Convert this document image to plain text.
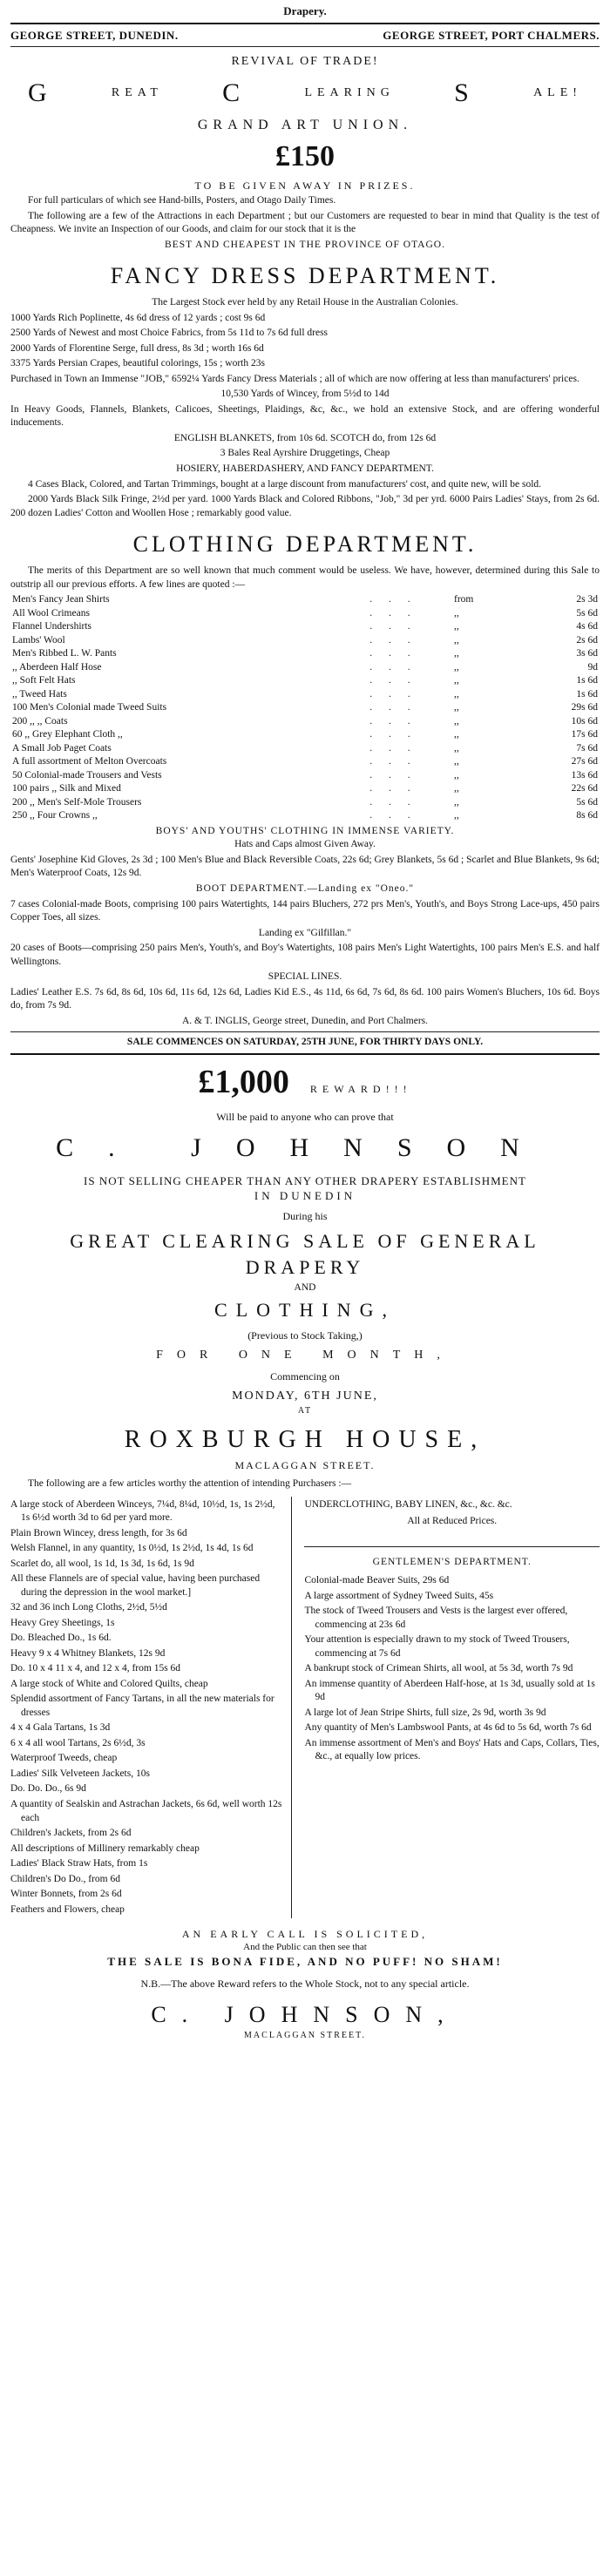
Drapery.
GEORGE STREET, DUNEDIN.	GEORGE STREET, PORT CHALMERS.
REVIVAL OF TRADE!
G	REAT C	LEARING S	ALE!
GRAND ART UNION.
£150
TO BE GIVEN AWAY IN PRIZES.

For full particulars of which see Hand-bills, Posters, and Otago Daily Times.

The following are a few of the Attractions in each Department ; but our Customers are requested to bear in mind that Quality is the test of Cheapness. We invite an Inspection of our Goods, and claim for our stock that it is the

BEST AND CHEAPEST IN THE PROVINCE OF OTAGO.
FANCY DRESS DEPARTMENT.

The Largest Stock ever held by any Retail House in the Australian Colonies.

1000 Yards Rich Poplinette, 4s 6d dress of 12 yards ; cost 9s 6d

2500 Yards of Newest and most Choice Fabrics, from 5s 11d to 7s 6d full dress

2000 Yards of Florentine Serge, full dress, 8s 3d ; worth 16s 6d

3375 Yards Persian Crapes, beautiful colorings, 15s ; worth 23s

Purchased in Town an Immense "JOB," 6592¼ Yards Fancy Dress Materials ; all of which are now offering at less than manufacturers' prices.

10,530 Yards of Wincey, from 5½d to 14d

In Heavy Goods, Flannels, Blankets, Calicoes, Sheetings, Plaidings, &c, &c., we hold an extensive Stock, and are offering wonderful inducements.

ENGLISH BLANKETS, from 10s 6d. SCOTCH do, from 12s 6d

3 Bales Real Ayrshire Druggetings, Cheap

HOSIERY, HABERDASHERY, AND FANCY DEPARTMENT.

4 Cases Black, Colored, and Tartan Trimmings, bought at a large discount from manufacturers' cost, and quite new, will be sold.

2000 Yards Black Silk Fringe, 2½d per yard. 1000 Yards Black and Colored Ribbons, "Job," 3d per yrd. 6000 Pairs Ladies' Stays, from 2s 6d. 200 dozen Ladies' Cotton and Woollen Hose ; remarkably good value.

CLOTHING DEPARTMENT.

The merits of this Department are so well known that much comment would be useless. We have, however, determined during this Sale to outstrip all our previous efforts. A few lines are quoted :—

Men's Fancy Jean Shirts	. . .	from	2s 3d
All Wool Crimeans	. . .	,,	5s 6d
Flannel Undershirts	. . .	,,	4s 6d
Lambs' Wool	. . .	,,	2s 6d
Men's Ribbed L. W. Pants	. . .	,,	3s 6d
,, Aberdeen Half Hose	. . .	,,	9d
,, Soft Felt Hats	. . .	,,	1s 6d
,, Tweed Hats	. . .	,,	1s 6d
100 Men's Colonial made Tweed Suits	. . .	,,	29s 6d
200 ,, ,, Coats	. . .	,,	10s 6d
60 ,, Grey Elephant Cloth ,,	. . .	,,	17s 6d
A Small Job Paget Coats	. . .	,,	7s 6d
A full assortment of Melton Overcoats	. . .	,,	27s 6d
50 Colonial-made Trousers and Vests	. . .	,,	13s 6d
100 pairs ,, Silk and Mixed	. . .	,,	22s 6d
200 ,, Men's Self-Mole Trousers	. . .	,,	5s 6d
250 ,, Four Crowns ,,	. . .	,,	8s 6d
BOYS' AND YOUTHS' CLOTHING IN IMMENSE VARIETY.
Hats and Caps almost Given Away.

Gents' Josephine Kid Gloves, 2s 3d ; 100 Men's Blue and Black Reversible Coats, 22s 6d; Grey Blankets, 5s 6d ; Scarlet and Blue Blankets, 9s 6d; Men's Waterproof Coats, 12s 9d.

BOOT DEPARTMENT.—Landing ex "Oneo."

7 cases Colonial-made Boots, comprising 100 pairs Watertights, 144 pairs Bluchers, 272 prs Men's, Youth's, and Boys Strong Lace-ups, 450 pairs Copper Toes, all sizes.

Landing ex "Gilfillan."

20 cases of Boots—comprising 250 pairs Men's, Youth's, and Boy's Watertights, 108 pairs Men's Light Watertights, 100 pairs Men's E.S. and half Wellingtons.

SPECIAL LINES.

Ladies' Leather E.S. 7s 6d, 8s 6d, 10s 6d, 11s 6d, 12s 6d, Ladies Kid E.S., 4s 11d, 6s 6d, 7s 6d, 8s 6d. 100 pairs Women's Bluchers, 10s 6d. Boys do, from 7s 9d.

A. & T. INGLIS, George street, Dunedin, and Port Chalmers.
SALE COMMENCES ON SATURDAY, 25TH JUNE, FOR THIRTY DAYS ONLY.
£1,000 REWARD!!!
Will be paid to anyone who can prove that
C. JOHNSON
IS NOT SELLING CHEAPER THAN ANY OTHER DRAPERY ESTABLISHMENT
IN DUNEDIN
During his
GREAT CLEARING SALE OF GENERAL DRAPERY
AND
CLOTHING,
(Previous to Stock Taking,)
FOR ONE MONTH,
Commencing on
MONDAY, 6TH JUNE,
AT
ROXBURGH HOUSE,
MACLAGGAN STREET.

The following are a few articles worthy the attention of intending Purchasers :—

A large stock of Aberdeen Winceys, 7¼d, 8¼d, 10½d, 1s, 1s 2½d, 1s 6½d worth 3d to 6d per yard more.

Plain Brown Wincey, dress length, for 3s 6d

Welsh Flannel, in any quantity, 1s 0½d, 1s 2½d, 1s 4d, 1s 6d

Scarlet do, all wool, 1s 1d, 1s 3d, 1s 6d, 1s 9d

All these Flannels are of special value, having been purchased during the depression in the wool market.]

32 and 36 inch Long Cloths, 2½d, 5½d

Heavy Grey Sheetings, 1s

Do. Bleached Do., 1s 6d.

Heavy 9 x 4 Whitney Blankets, 12s 9d

Do. 10 x 4 11 x 4, and 12 x 4, from 15s 6d

A large stock of White and Colored Quilts, cheap

Splendid assortment of Fancy Tartans, in all the new materials for dresses

4 x 4 Gala Tartans, 1s 3d

6 x 4 all wool Tartans, 2s 6½d, 3s

Waterproof Tweeds, cheap

Ladies' Silk Velveteen Jackets, 10s

Do. Do. Do., 6s 9d

A quantity of Sealskin and Astrachan Jackets, 6s 6d, well worth 12s each

Children's Jackets, from 2s 6d

All descriptions of Millinery remarkably cheap

Ladies' Black Straw Hats, from 1s

Children's Do Do., from 6d

Winter Bonnets, from 2s 6d

Feathers and Flowers, cheap

UNDERCLOTHING, BABY LINEN, &c., &c. &c.

All at Reduced Prices.
GENTLEMEN'S DEPARTMENT.

Colonial-made Beaver Suits, 29s 6d

A large assortment of Sydney Tweed Suits, 45s

The stock of Tweed Trousers and Vests is the largest ever offered, commencing at 23s 6d

Your attention is especially drawn to my stock of Tweed Trousers, commencing at 7s 6d

A bankrupt stock of Crimean Shirts, all wool, at 5s 3d, worth 7s 9d

An immense quantity of Aberdeen Half-hose, at 1s 3d, usually sold at 1s 9d

A large lot of Jean Stripe Shirts, full size, 2s 9d, worth 3s 9d

Any quantity of Men's Lambswool Pants, at 4s 6d to 5s 6d, worth 7s 6d

An immense assortment of Men's and Boys' Hats and Caps, Collars, Ties, &c., at equally low prices.

AN EARLY CALL IS SOLICITED,
And the Public can then see that
THE SALE IS BONA FIDE, AND NO PUFF! NO SHAM!
N.B.—The above Reward refers to the Whole Stock, not to any special article.
C. JOHNSON,
MACLAGGAN STREET.
